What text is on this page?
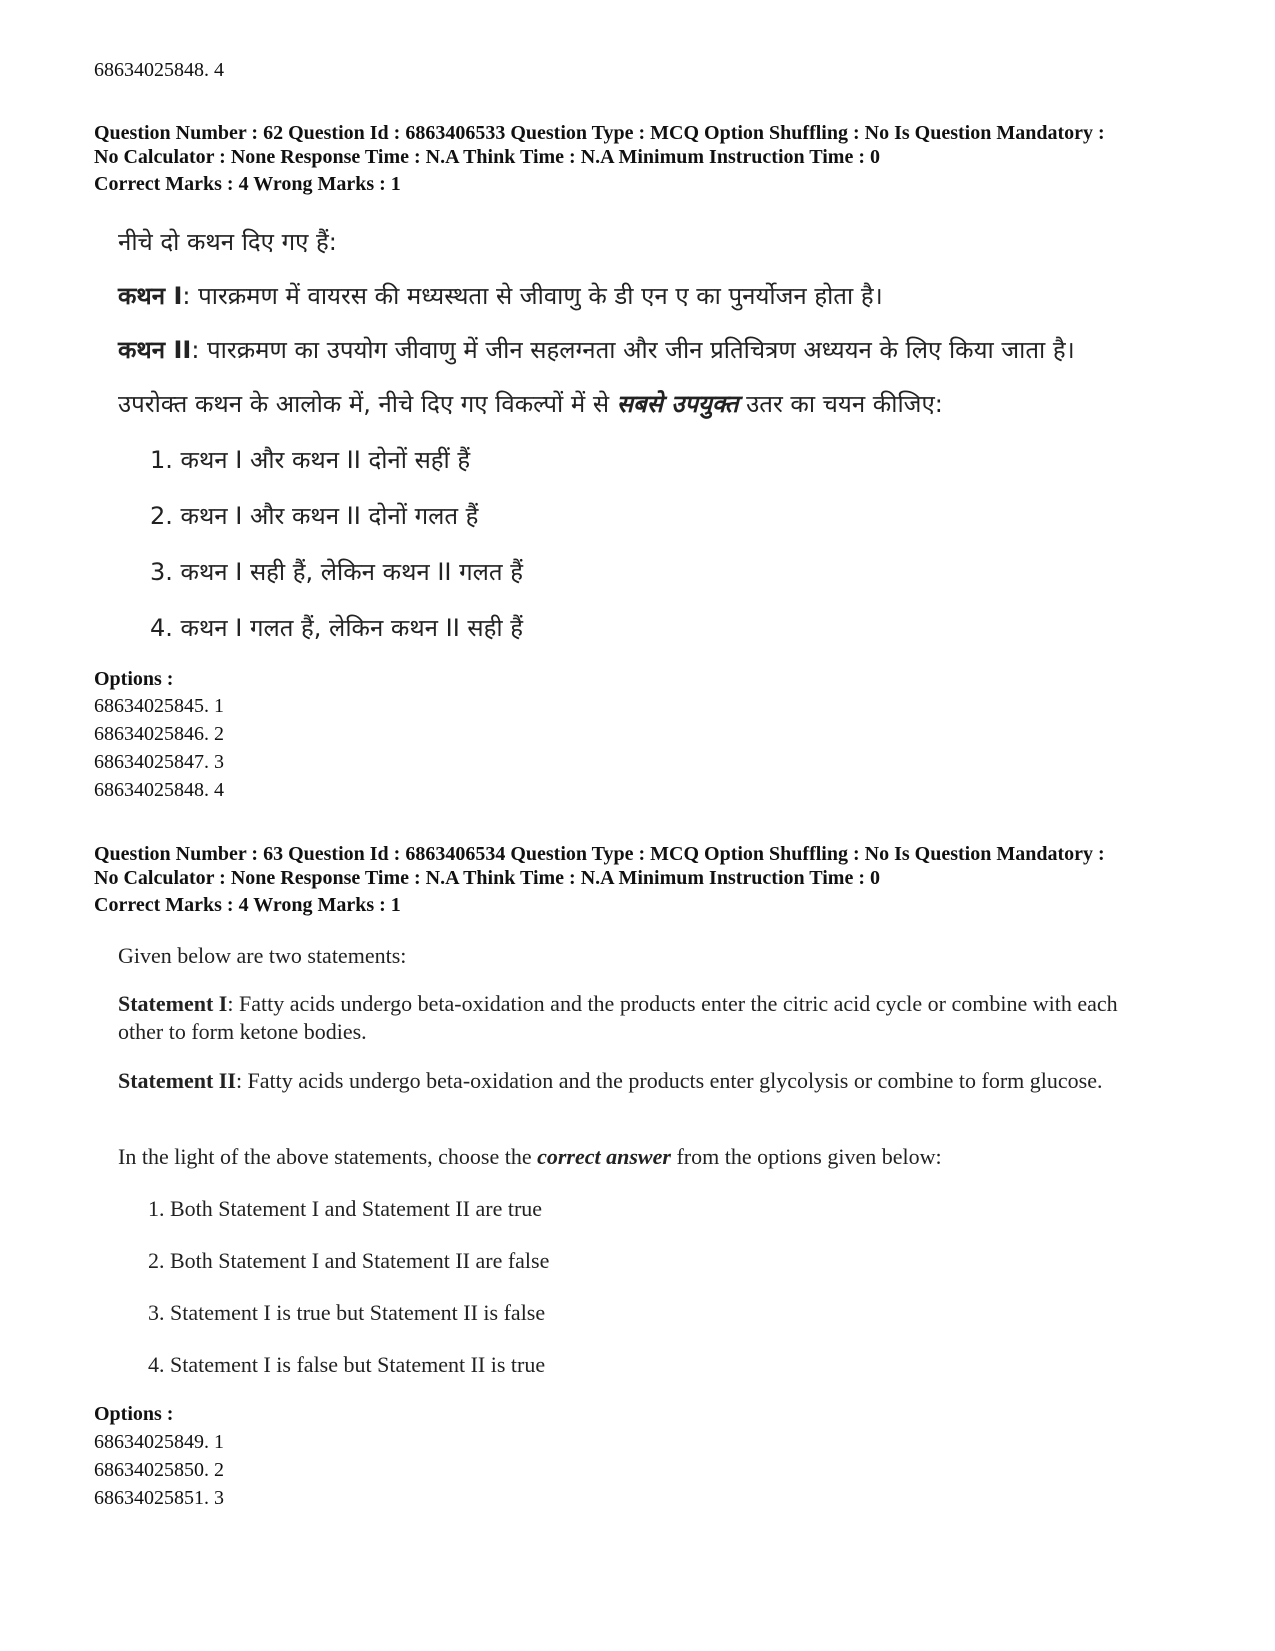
68634025848. 4
Question Number : 62 Question Id : 6863406533 Question Type : MCQ Option Shuffling : No Is Question Mandatory :
No Calculator : None Response Time : N.A Think Time : N.A Minimum Instruction Time : 0
Correct Marks : 4 Wrong Marks : 1
नीचे दो कथन दिए गए हैं:
कथन I: पारक्रमण में वायरस की मध्यस्थता से जीवाणु के डी एन ए का पुनर्योजन होता है।
कथन II: पारक्रमण का उपयोग जीवाणु में जीन सहलग्नता और जीन प्रतिचित्रण अध्ययन के लिए किया जाता है।
उपरोक्त कथन के आलोक में, नीचे दिए गए विकल्पों में से सबसे उपयुक्त उतर का चयन कीजिए:
1. कथन I और कथन II दोनों सहीं हैं
2. कथन I और कथन II दोनों गलत हैं
3. कथन I सही हैं, लेकिन कथन II गलत हैं
4. कथन I गलत हैं, लेकिन कथन II सही हैं
Options :
68634025845. 1
68634025846. 2
68634025847. 3
68634025848. 4
Question Number : 63 Question Id : 6863406534 Question Type : MCQ Option Shuffling : No Is Question Mandatory :
No Calculator : None Response Time : N.A Think Time : N.A Minimum Instruction Time : 0
Correct Marks : 4 Wrong Marks : 1
Given below are two statements:
Statement I: Fatty acids undergo beta-oxidation and the products enter the citric acid cycle or combine with each other to form ketone bodies.
Statement II: Fatty acids undergo beta-oxidation and the products enter glycolysis or combine to form glucose.
In the light of the above statements, choose the correct answer from the options given below:
1. Both Statement I and Statement II are true
2. Both Statement I and Statement II are false
3. Statement I is true but Statement II is false
4. Statement I is false but Statement II is true
Options :
68634025849. 1
68634025850. 2
68634025851. 3
